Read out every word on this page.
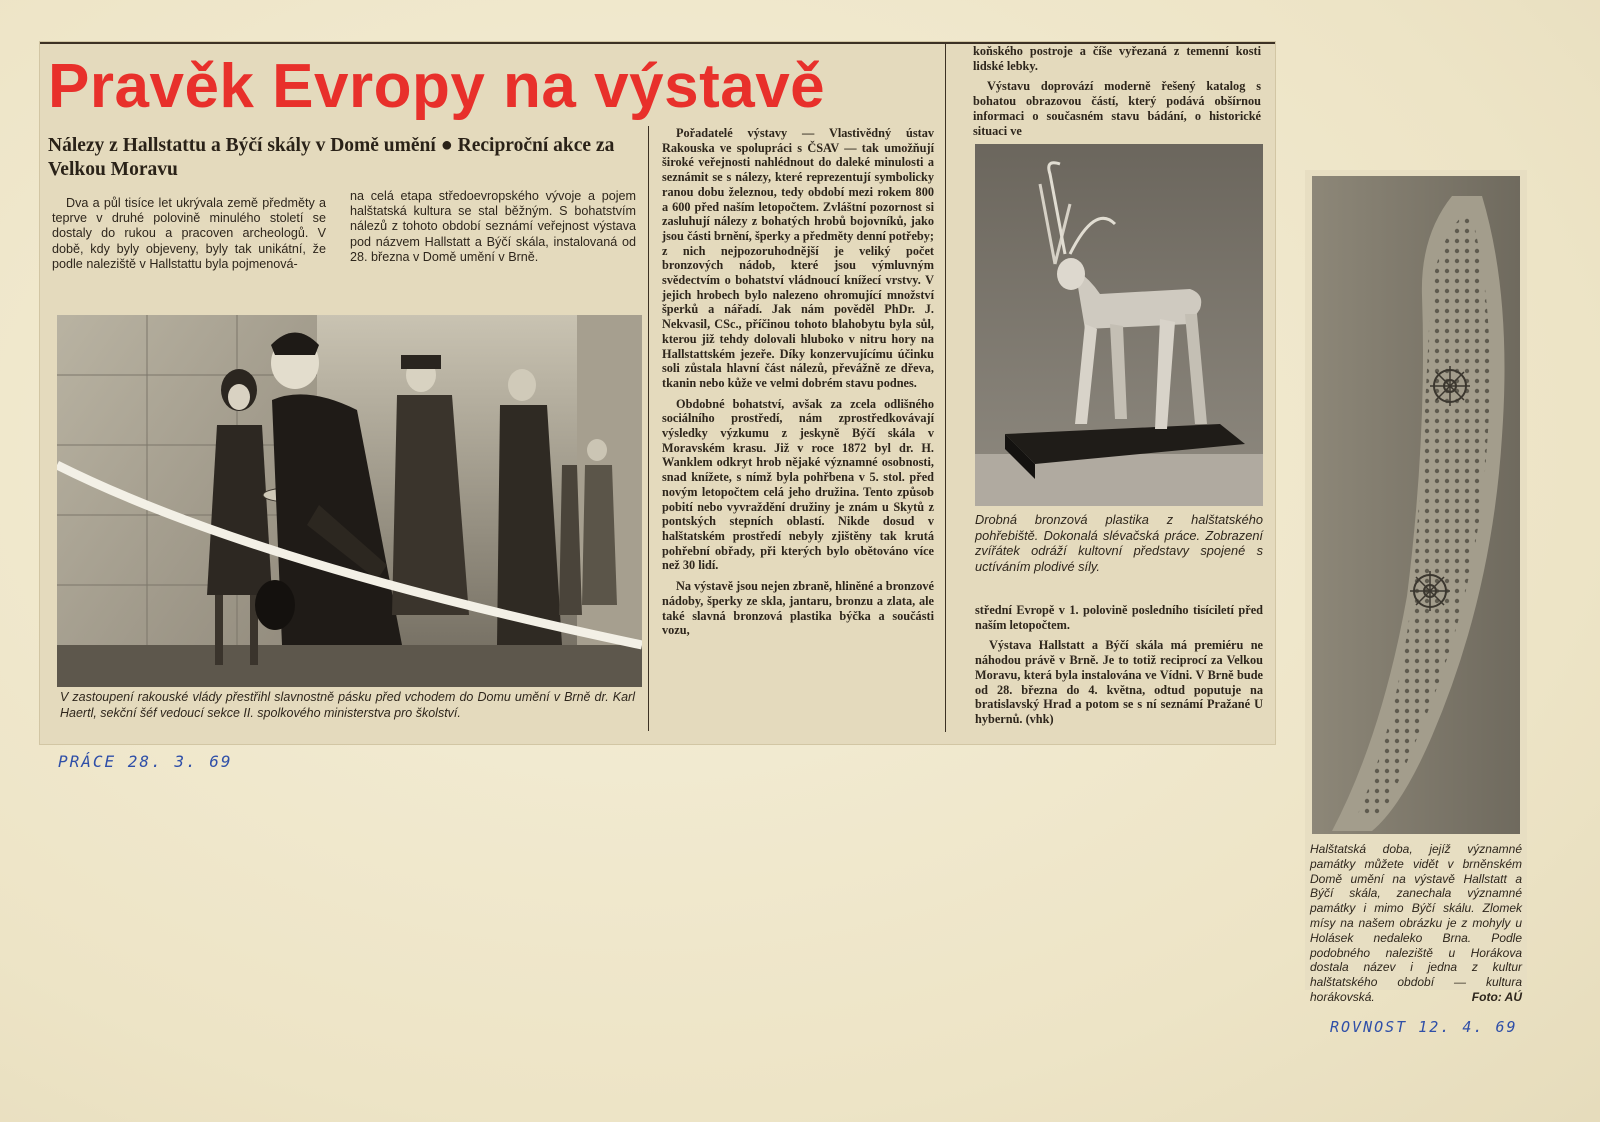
Pravěk Evropy na výstavě
Nálezy z Hallstattu a Býčí skály v Domě umění ● Reciproční akce za Velkou Moravu

Dva a půl tisíce let ukrývala země předměty a teprve v druhé polovině minulého století se dostaly do rukou a pracoven archeologů. V době, kdy byly objeveny, byly tak unikátní, že podle naleziště v Hallstattu byla pojmenová-

na celá etapa středoevropského vývoje a pojem halštatská kultura se stal běžným. S bohatstvím nálezů z tohoto období seznámí veřejnost výstava pod názvem Hallstatt a Býčí skála, instalovaná od 28. března v Domě umění v Brně.

V zastoupení rakouské vlády přestřihl slavnostně pásku před vchodem do Domu umění v Brně dr. Karl Haertl, sekční šéf vedoucí sekce II. spolkového ministerstva pro školství.
PRÁCE 28. 3. 69

Pořadatelé výstavy — Vlastivědný ústav Rakouska ve spolupráci s ČSAV — tak umožňují široké veřejnosti nahlédnout do daleké minulosti a seznámit se s nálezy, které reprezentují symbolicky ranou dobu železnou, tedy období mezi rokem 800 a 600 před naším letopočtem. Zvláštní pozornost si zasluhují nálezy z bohatých hrobů bojovníků, jako jsou části brnění, šperky a předměty denní potřeby; z nich nejpozoruhodnější je veliký počet bronzových nádob, které jsou výmluvným svědectvím o bohatství vládnoucí knížecí vrstvy. V jejich hrobech bylo nalezeno ohromující množství šperků a nářadí. Jak nám pověděl PhDr. J. Nekvasil, CSc., příčinou tohoto blahobytu byla sůl, kterou již tehdy dolovali hluboko v nitru hory na Hallstattském jezeře. Díky konzervujícímu účinku soli zůstala hlavní část nálezů, převážně ze dřeva, tkanin nebo kůže ve velmi dobrém stavu podnes.

Obdobné bohatství, avšak za zcela odlišného sociálního prostředí, nám zprostředkovávají výsledky výzkumu z jeskyně Býčí skála v Moravském krasu. Již v roce 1872 byl dr. H. Wanklem odkryt hrob nějaké významné osobnosti, snad knížete, s nímž byla pohřbena v 5. stol. před novým letopočtem celá jeho družina. Tento způsob pobití nebo vyvraždění družiny je znám u Skytů z pontských stepních oblastí. Nikde dosud v halštatském prostředí nebyly zjištěny tak krutá pohřební obřady, při kterých bylo obětováno více než 30 lidí.

Na výstavě jsou nejen zbraně, hliněné a bronzové nádoby, šperky ze skla, jantaru, bronzu a zlata, ale také slavná bronzová plastika býčka a součásti vozu,

koňského postroje a číše vyřezaná z temenní kosti lidské lebky.

Výstavu doprovází moderně řešený katalog s bohatou obrazovou částí, který podává obšírnou informaci o současném stavu bádání, o historické situaci ve

Drobná bronzová plastika z halštatského pohřebiště. Dokonalá slévačská práce. Zobrazení zvířátek odráží kultovní představy spojené s uctíváním plodivé síly.

střední Evropě v 1. polovině posledního tisíciletí před naším letopočtem.

Výstava Hallstatt a Býčí skála má premiéru ne náhodou právě v Brně. Je to totiž reciprocí za Velkou Moravu, která byla instalována ve Vídni. V Brně bude od 28. března do 4. května, odtud poputuje na bratislavský Hrad a potom se s ní seznámí Pražané U hybernů. (vhk)

Halštatská doba, jejíž významné památky můžete vidět v brněnském Domě umění na výstavě Hallstatt a Býčí skála, zanechala významné památky i mimo Býčí skálu. Zlomek mísy na našem obrázku je z mohyly u Holásek nedaleko Brna. Podle podobného naleziště u Horákova dostala název i jedna z kultur halštatského období — kultura horákovská.	Foto: AÚ
ROVNOST 12. 4. 69
